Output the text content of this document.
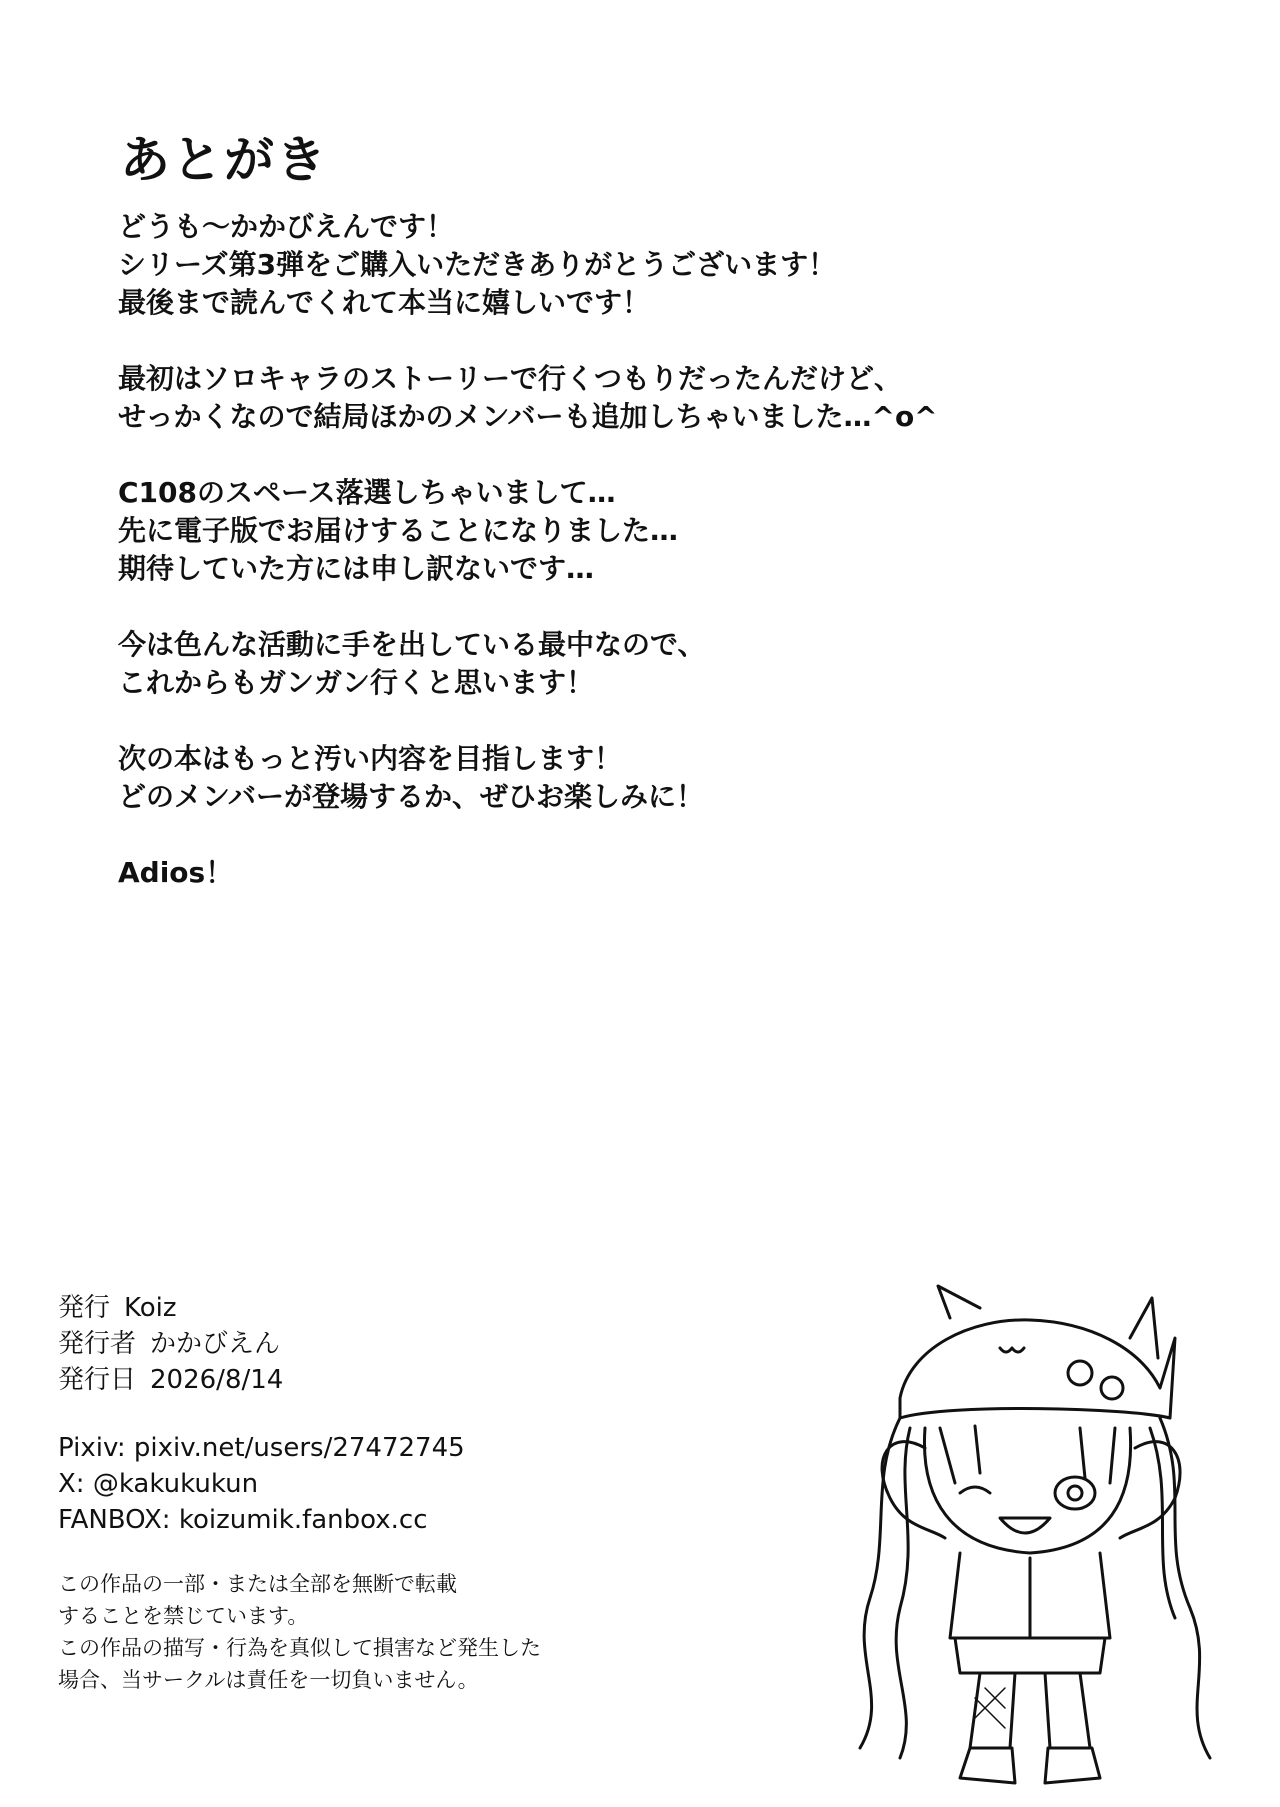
あとがき
どうも〜かかびえんです！
シリーズ第3弾をご購入いただきありがとうございます！
最後まで読んでくれて本当に嬉しいです！
最初はソロキャラのストーリーで行くつもりだったんだけど、
せっかくなので結局ほかのメンバーも追加しちゃいました…^o^
C108のスペース落選しちゃいまして…
先に電子版でお届けすることになりました…
期待していた方には申し訳ないです…
今は色んな活動に手を出している最中なので、
これからもガンガン行くと思います！
次の本はもっと汚い内容を目指します！
どのメンバーが登場するか、ぜひお楽しみに！
Adios！
発行 Koiz
発行者 かかびえん
発行日 2026/8/14
Pixiv: pixiv.net/users/27472745
X: @kakukukun
FANBOX: koizumik.fanbox.cc
この作品の一部・または全部を無断で転載
することを禁じています。
この作品の描写・行為を真似して損害など発生した
場合、当サークルは責任を一切負いません。
